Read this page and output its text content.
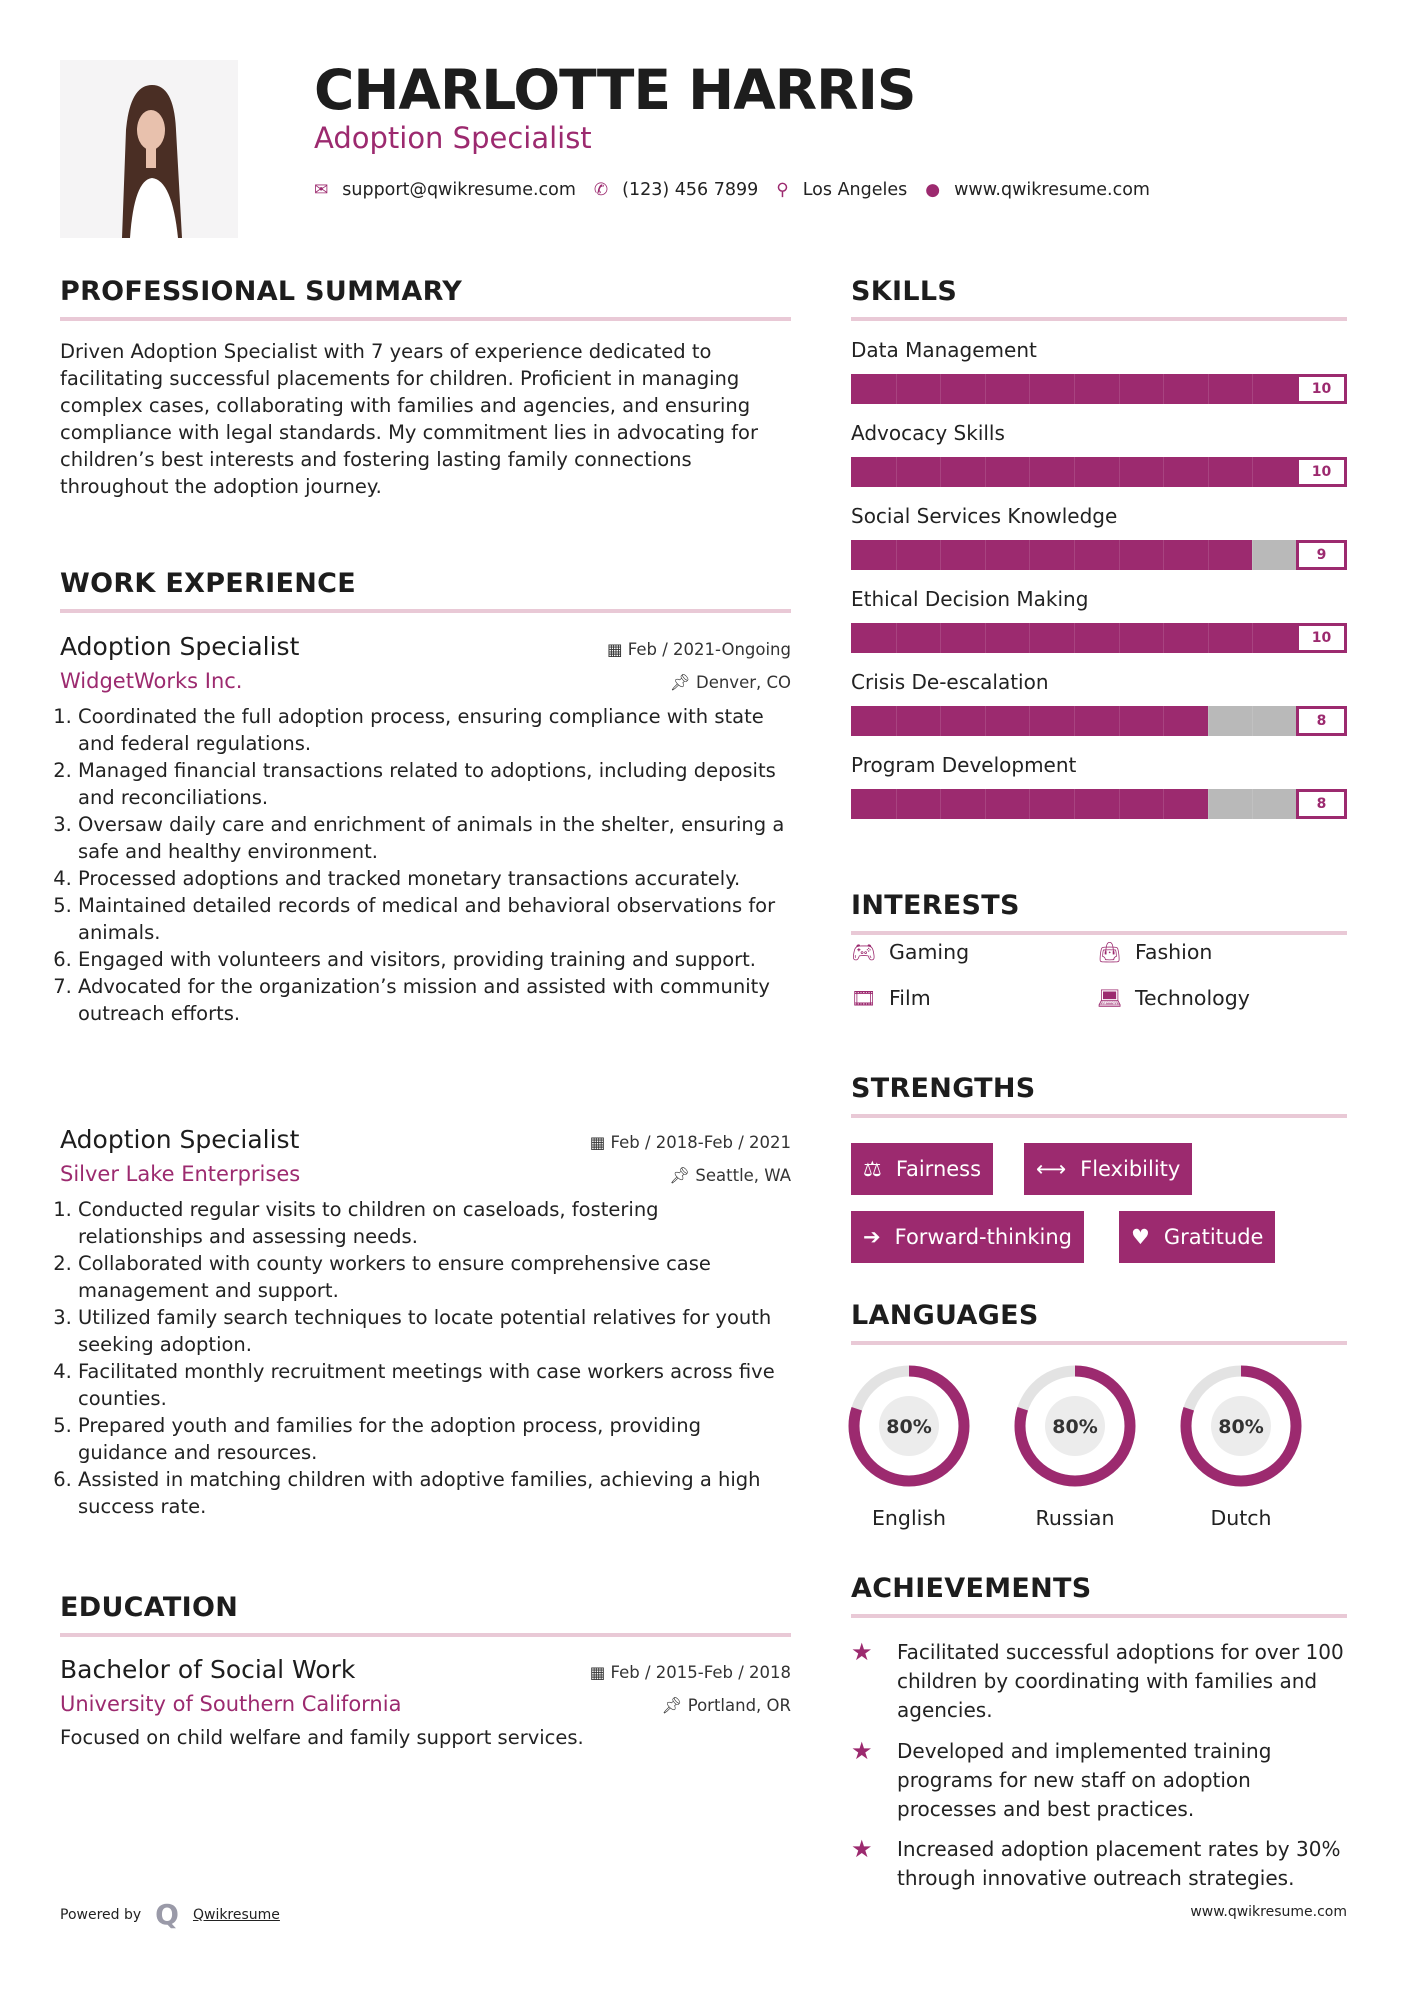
CHARLOTTE HARRIS
Adoption Specialist
✉ support@qwikresume.com ✆ (123) 456 7899 ⚲ Los Angeles ● www.qwikresume.com
PROFESSIONAL SUMMARY
Driven Adoption Specialist with 7 years of experience dedicated to facilitating successful placements for children. Proficient in managing complex cases, collaborating with families and agencies, and ensuring compliance with legal standards. My commitment lies in advocating for children’s best interests and fostering lasting family connections throughout the adoption journey.
WORK EXPERIENCE
Adoption Specialist	▦ Feb / 2021-Ongoing
WidgetWorks Inc.	📌︎ Denver, CO
1. Coordinated the full adoption process, ensuring compliance with state and federal regulations.
2. Managed financial transactions related to adoptions, including deposits and reconciliations.
3. Oversaw daily care and enrichment of animals in the shelter, ensuring a safe and healthy environment.
4. Processed adoptions and tracked monetary transactions accurately.
5. Maintained detailed records of medical and behavioral observations for animals.
6. Engaged with volunteers and visitors, providing training and support.
7. Advocated for the organization’s mission and assisted with community outreach efforts.
Adoption Specialist	▦ Feb / 2018-Feb / 2021
Silver Lake Enterprises	📌︎ Seattle, WA
1. Conducted regular visits to children on caseloads, fostering relationships and assessing needs.
2. Collaborated with county workers to ensure comprehensive case management and support.
3. Utilized family search techniques to locate potential relatives for youth seeking adoption.
4. Facilitated monthly recruitment meetings with case workers across five counties.
5. Prepared youth and families for the adoption process, providing guidance and resources.
6. Assisted in matching children with adoptive families, achieving a high success rate.
EDUCATION
Bachelor of Social Work	▦ Feb / 2015-Feb / 2018
University of Southern California	📌︎ Portland, OR
Focused on child welfare and family support services.
Powered by Q Qwikresume	www.qwikresume.com
SKILLS
Data Management
10
Advocacy Skills
10
Social Services Knowledge
9
Ethical Decision Making
10
Crisis De-escalation
8
Program Development
8
INTERESTS
🎮︎ Gaming	👜︎ Fashion
🎞︎ Film	💻︎ Technology
STRENGTHS
⚖ Fairness	⟷ Flexibility
➔ Forward-thinking	♥ Gratitude
LANGUAGES
80%
English
80%
Russian
80%
Dutch
ACHIEVEMENTS
★	Facilitated successful adoptions for over 100 children by coordinating with families and agencies.
★	Developed and implemented training programs for new staff on adoption processes and best practices.
★	Increased adoption placement rates by 30% through innovative outreach strategies.
